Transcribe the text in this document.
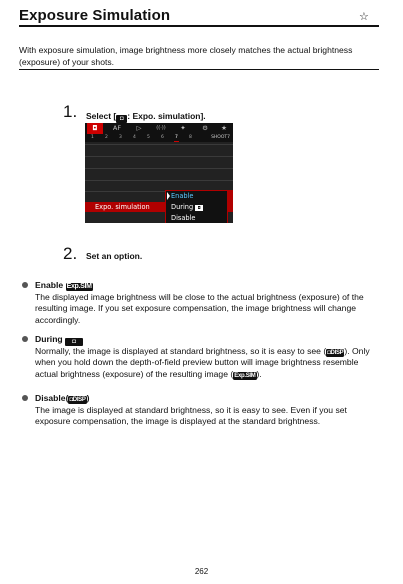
Exposure Simulation	☆
With exposure simulation, image brightness more closely matches the actual brightness (exposure) of your shots.
1. Select [ ◘ : Expo. simulation].
◘	AF	▷	((·))	✦	⚙	★
1 2 3 4 5 6 7 8	SHOOT7
Expo. simulation
Enable
During ◘
Disable
2. Set an option.
Enable Exp.SIM
The displayed image brightness will be close to the actual brightness (exposure) of the resulting image. If you set exposure compensation, the image brightness will change accordingly.
During ◘
Normally, the image is displayed at standard brightness, so it is easy to see (◘DISP). Only when you hold down the depth-of-field preview button will image brightness resemble actual brightness (exposure) of the resulting image (Exp.SIM).
Disable(◘DISP)
The image is displayed at standard brightness, so it is easy to see. Even if you set exposure compensation, the image is displayed at the standard brightness.
262
